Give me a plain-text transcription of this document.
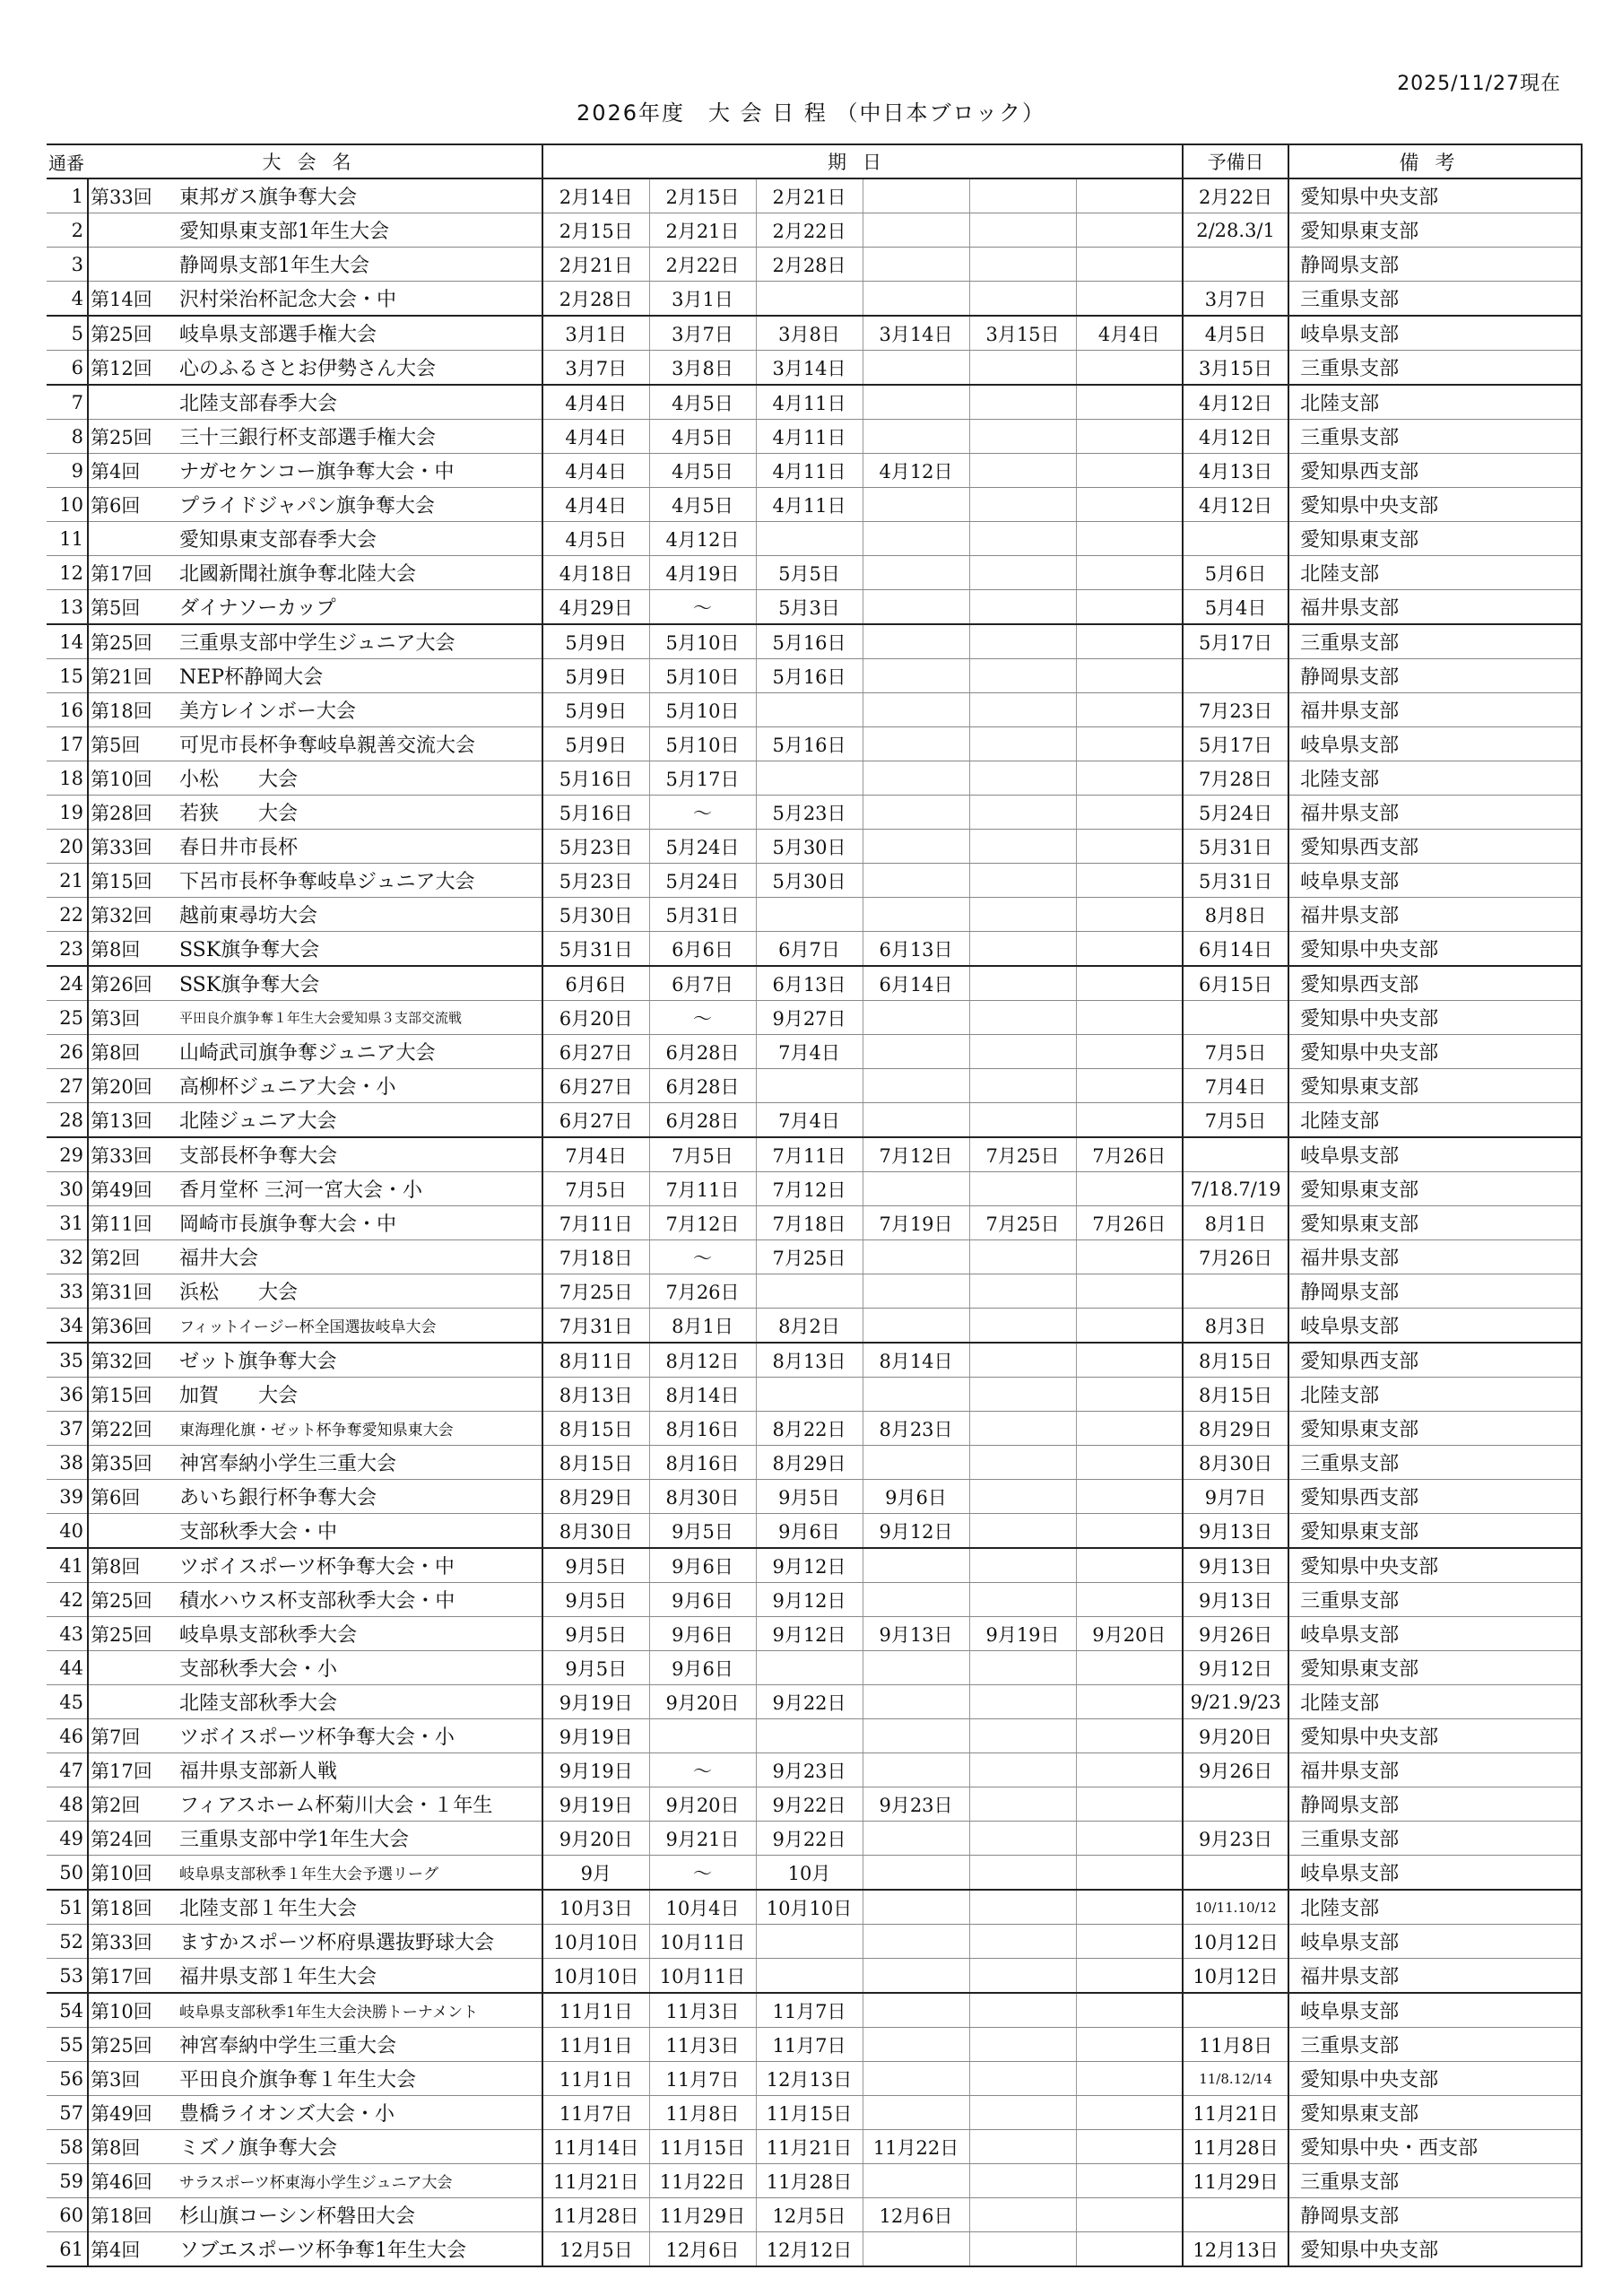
2025/11/27現在
2026年度　大 会 日 程 （中日本ブロック）
通番	大会名		期日						予備日	備考
1	第33回	東邦ガス旗争奪大会	2月14日	2月15日	2月21日				2月22日	愛知県中央支部
2		愛知県東支部1年生大会	2月15日	2月21日	2月22日				2/28.3/1	愛知県東支部
3		静岡県支部1年生大会	2月21日	2月22日	2月28日					静岡県支部
4	第14回	沢村栄治杯記念大会・中	2月28日	3月1日					3月7日	三重県支部
5	第25回	岐阜県支部選手権大会	3月1日	3月7日	3月8日	3月14日	3月15日	4月4日	4月5日	岐阜県支部
6	第12回	心のふるさとお伊勢さん大会	3月7日	3月8日	3月14日				3月15日	三重県支部
7		北陸支部春季大会	4月4日	4月5日	4月11日				4月12日	北陸支部
8	第25回	三十三銀行杯支部選手権大会	4月4日	4月5日	4月11日				4月12日	三重県支部
9	第4回	ナガセケンコー旗争奪大会・中	4月4日	4月5日	4月11日	4月12日			4月13日	愛知県西支部
10	第6回	プライドジャパン旗争奪大会	4月4日	4月5日	4月11日				4月12日	愛知県中央支部
11		愛知県東支部春季大会	4月5日	4月12日						愛知県東支部
12	第17回	北國新聞社旗争奪北陸大会	4月18日	4月19日	5月5日				5月6日	北陸支部
13	第5回	ダイナソーカップ	4月29日	～	5月3日				5月4日	福井県支部
14	第25回	三重県支部中学生ジュニア大会	5月9日	5月10日	5月16日				5月17日	三重県支部
15	第21回	NEP杯静岡大会	5月9日	5月10日	5月16日					静岡県支部
16	第18回	美方レインボー大会	5月9日	5月10日					7月23日	福井県支部
17	第5回	可児市長杯争奪岐阜親善交流大会	5月9日	5月10日	5月16日				5月17日	岐阜県支部
18	第10回	小松　　大会	5月16日	5月17日					7月28日	北陸支部
19	第28回	若狭　　大会	5月16日	～	5月23日				5月24日	福井県支部
20	第33回	春日井市長杯	5月23日	5月24日	5月30日				5月31日	愛知県西支部
21	第15回	下呂市長杯争奪岐阜ジュニア大会	5月23日	5月24日	5月30日				5月31日	岐阜県支部
22	第32回	越前東尋坊大会	5月30日	5月31日					8月8日	福井県支部
23	第8回	SSK旗争奪大会	5月31日	6月6日	6月7日	6月13日			6月14日	愛知県中央支部
24	第26回	SSK旗争奪大会	6月6日	6月7日	6月13日	6月14日			6月15日	愛知県西支部
25	第3回	平田良介旗争奪１年生大会愛知県３支部交流戦	6月20日	～	9月27日					愛知県中央支部
26	第8回	山崎武司旗争奪ジュニア大会	6月27日	6月28日	7月4日				7月5日	愛知県中央支部
27	第20回	高柳杯ジュニア大会・小	6月27日	6月28日					7月4日	愛知県東支部
28	第13回	北陸ジュニア大会	6月27日	6月28日	7月4日				7月5日	北陸支部
29	第33回	支部長杯争奪大会	7月4日	7月5日	7月11日	7月12日	7月25日	7月26日		岐阜県支部
30	第49回	香月堂杯 三河一宮大会・小	7月5日	7月11日	7月12日				7/18.7/19	愛知県東支部
31	第11回	岡崎市長旗争奪大会・中	7月11日	7月12日	7月18日	7月19日	7月25日	7月26日	8月1日	愛知県東支部
32	第2回	福井大会	7月18日	～	7月25日				7月26日	福井県支部
33	第31回	浜松　　大会	7月25日	7月26日						静岡県支部
34	第36回	フィットイージー杯全国選抜岐阜大会	7月31日	8月1日	8月2日				8月3日	岐阜県支部
35	第32回	ゼット旗争奪大会	8月11日	8月12日	8月13日	8月14日			8月15日	愛知県西支部
36	第15回	加賀　　大会	8月13日	8月14日					8月15日	北陸支部
37	第22回	東海理化旗・ゼット杯争奪愛知県東大会	8月15日	8月16日	8月22日	8月23日			8月29日	愛知県東支部
38	第35回	神宮奉納小学生三重大会	8月15日	8月16日	8月29日				8月30日	三重県支部
39	第6回	あいち銀行杯争奪大会	8月29日	8月30日	9月5日	9月6日			9月7日	愛知県西支部
40		支部秋季大会・中	8月30日	9月5日	9月6日	9月12日			9月13日	愛知県東支部
41	第8回	ツボイスポーツ杯争奪大会・中	9月5日	9月6日	9月12日				9月13日	愛知県中央支部
42	第25回	積水ハウス杯支部秋季大会・中	9月5日	9月6日	9月12日				9月13日	三重県支部
43	第25回	岐阜県支部秋季大会	9月5日	9月6日	9月12日	9月13日	9月19日	9月20日	9月26日	岐阜県支部
44		支部秋季大会・小	9月5日	9月6日					9月12日	愛知県東支部
45		北陸支部秋季大会	9月19日	9月20日	9月22日				9/21.9/23	北陸支部
46	第7回	ツボイスポーツ杯争奪大会・小	9月19日						9月20日	愛知県中央支部
47	第17回	福井県支部新人戦	9月19日	～	9月23日				9月26日	福井県支部
48	第2回	フィアスホーム杯菊川大会・１年生	9月19日	9月20日	9月22日	9月23日				静岡県支部
49	第24回	三重県支部中学1年生大会	9月20日	9月21日	9月22日				9月23日	三重県支部
50	第10回	岐阜県支部秋季１年生大会予選リーグ	9月	～	10月					岐阜県支部
51	第18回	北陸支部１年生大会	10月3日	10月4日	10月10日				10/11.10/12	北陸支部
52	第33回	ますかスポーツ杯府県選抜野球大会	10月10日	10月11日					10月12日	岐阜県支部
53	第17回	福井県支部１年生大会	10月10日	10月11日					10月12日	福井県支部
54	第10回	岐阜県支部秋季1年生大会決勝トーナメント	11月1日	11月3日	11月7日					岐阜県支部
55	第25回	神宮奉納中学生三重大会	11月1日	11月3日	11月7日				11月8日	三重県支部
56	第3回	平田良介旗争奪１年生大会	11月1日	11月7日	12月13日				11/8.12/14	愛知県中央支部
57	第49回	豊橋ライオンズ大会・小	11月7日	11月8日	11月15日				11月21日	愛知県東支部
58	第8回	ミズノ旗争奪大会	11月14日	11月15日	11月21日	11月22日			11月28日	愛知県中央・西支部
59	第46回	サラスポーツ杯東海小学生ジュニア大会	11月21日	11月22日	11月28日				11月29日	三重県支部
60	第18回	杉山旗コーシン杯磐田大会	11月28日	11月29日	12月5日	12月6日				静岡県支部
61	第4回	ソブエスポーツ杯争奪1年生大会	12月5日	12月6日	12月12日				12月13日	愛知県中央支部
